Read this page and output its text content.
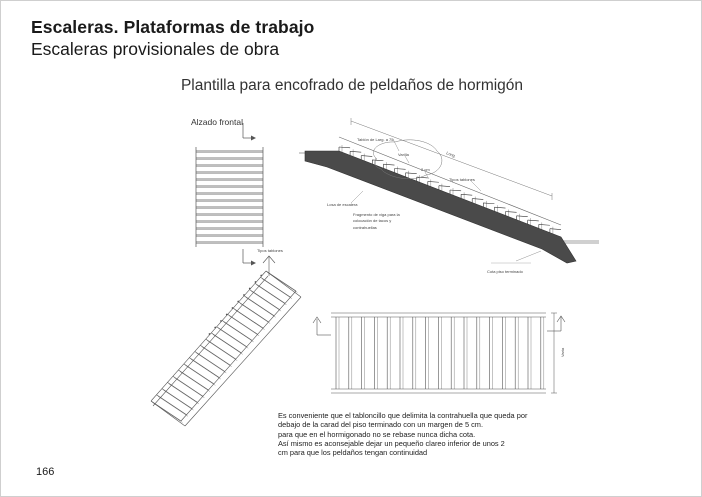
Escaleras. Plataformas de trabajo
Escaleras provisionales de obra
Plantilla para encofrado de peldaños de hormigón
Alzado frontal
Tipos tablones
Long.
Tablón de Larg. a 75
Varilla
2 cm
Tipos tablones
Losa de escalera
Fragmento de viga para la colocación de tacos y contrahuellas
Cota piso terminado
Varia

Es conveniente que el tabloncillo que delimita la contrahuella que queda por

debajo de la carad del piso terminado con un margen de 5 cm.

para que en el hormigonado no se rebase nunca dicha cota.

Así mismo es aconsejable dejar un pequeño clareo inferior de unos 2

cm para que los peldaños tengan continuidad

166
